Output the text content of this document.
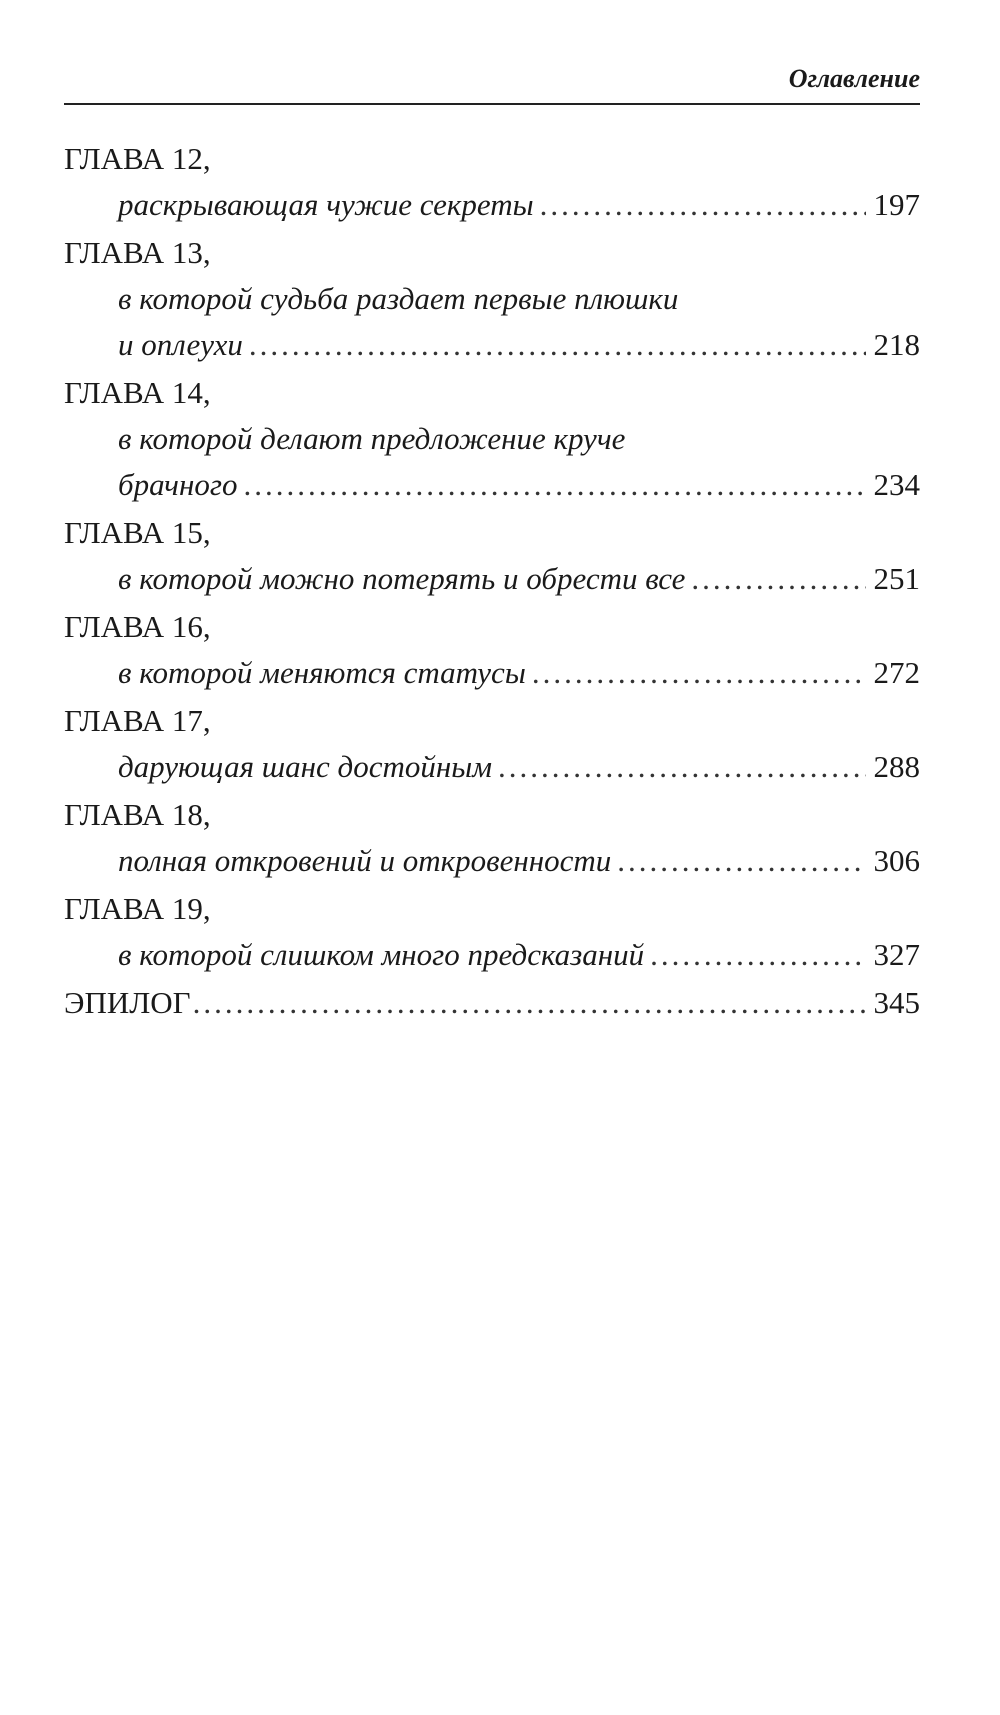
Оглавление
ГЛАВА 12,
раскрывающая чужие секреты .....	197
ГЛАВА 13,
в которой судьба раздает первые плюшки
и оплеухи .....	218
ГЛАВА 14,
в которой делают предложение круче
брачного .....	234
ГЛАВА 15,
в которой можно потерять и обрести все .....	251
ГЛАВА 16,
в которой меняются статусы .....	272
ГЛАВА 17,
дарующая шанс достойным .....	288
ГЛАВА 18,
полная откровений и откровенности .....	306
ГЛАВА 19,
в которой слишком много предсказаний .....	327
ЭПИЛОГ .....	345
